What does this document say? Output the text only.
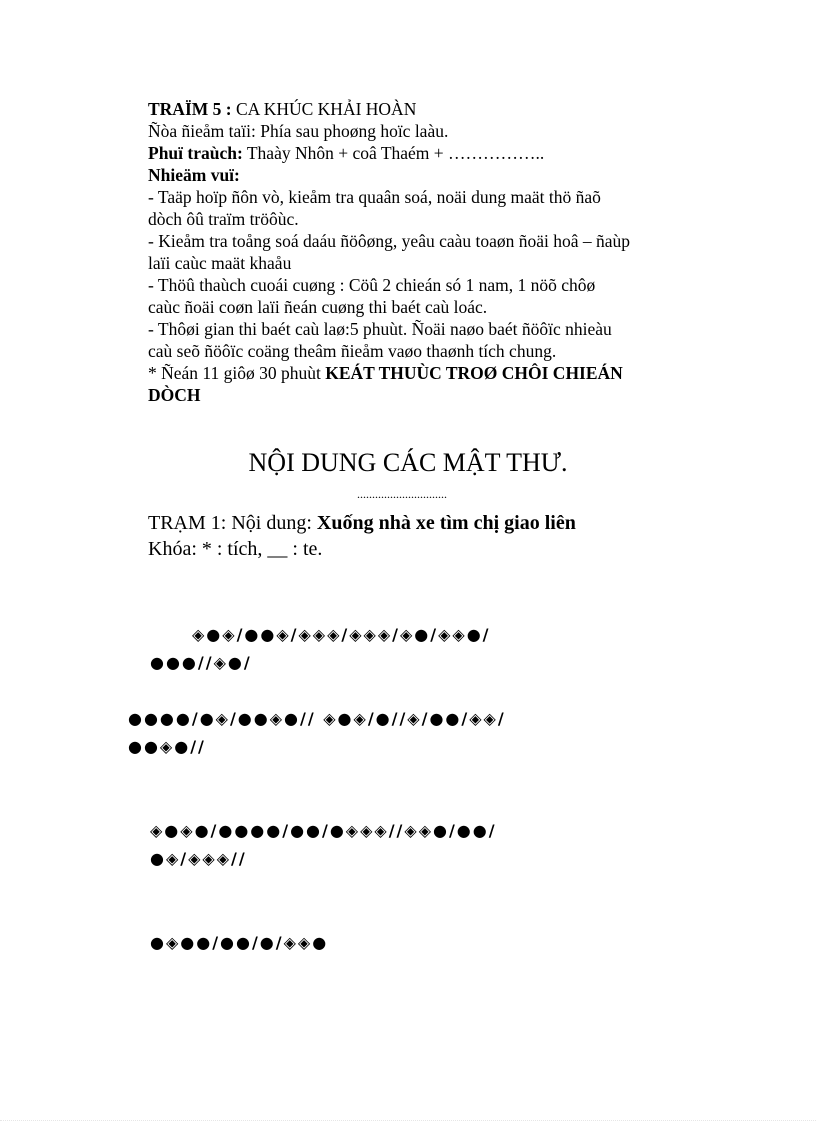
TRAÏM 5 : CA KHÚC KHẢI HOÀN
Ñòa ñieåm taïi: Phía sau phoøng hoïc laàu.
Phuï traùch: Thaày Nhôn + coâ Thaém + ……………..
Nhieäm vuï:
- Taäp hoïp ñôn vò, kieåm tra quaân soá, noäi dung maät thö ñaõ
dòch ôû traïm tröôùc.
- Kieåm tra toång soá daáu ñöôøng, yeâu caàu toaøn ñoäi hoâ – ñaùp
laïi caùc maät khaåu
- Thöû thaùch cuoái cuøng : Cöû 2 chieán só 1 nam, 1 nöõ chôø
caùc ñoäi coøn laïi ñeán cuøng thi baét caù loác.
- Thôøi gian thi baét caù laø:5 phuùt. Ñoäi naøo baét ñöôïc nhieàu
caù seõ ñöôïc coäng theâm ñieåm vaøo thaønh tích chung.
* Ñeán 11 giôø 30 phuùt KEÁT THUÙC TROØ CHÔI CHIEÁN
DÒCH
NỘI DUNG CÁC MẬT THƯ.
..............................
TRẠM 1: Nội dung: Xuống nhà xe tìm chị giao liên
Khóa: * : tích, __ : te.
◈●◈/●●◈/◈◈◈/◈◈◈/◈●/◈◈●/
●●●//◈●/
●●●●/●◈/●●◈●// ◈●◈/●//◈/●●/◈◈/
●●◈●//
◈●◈●/●●●●/●●/●◈◈◈//◈◈●/●●/
●◈/◈◈◈//
●◈●●/●●/●/◈◈●
